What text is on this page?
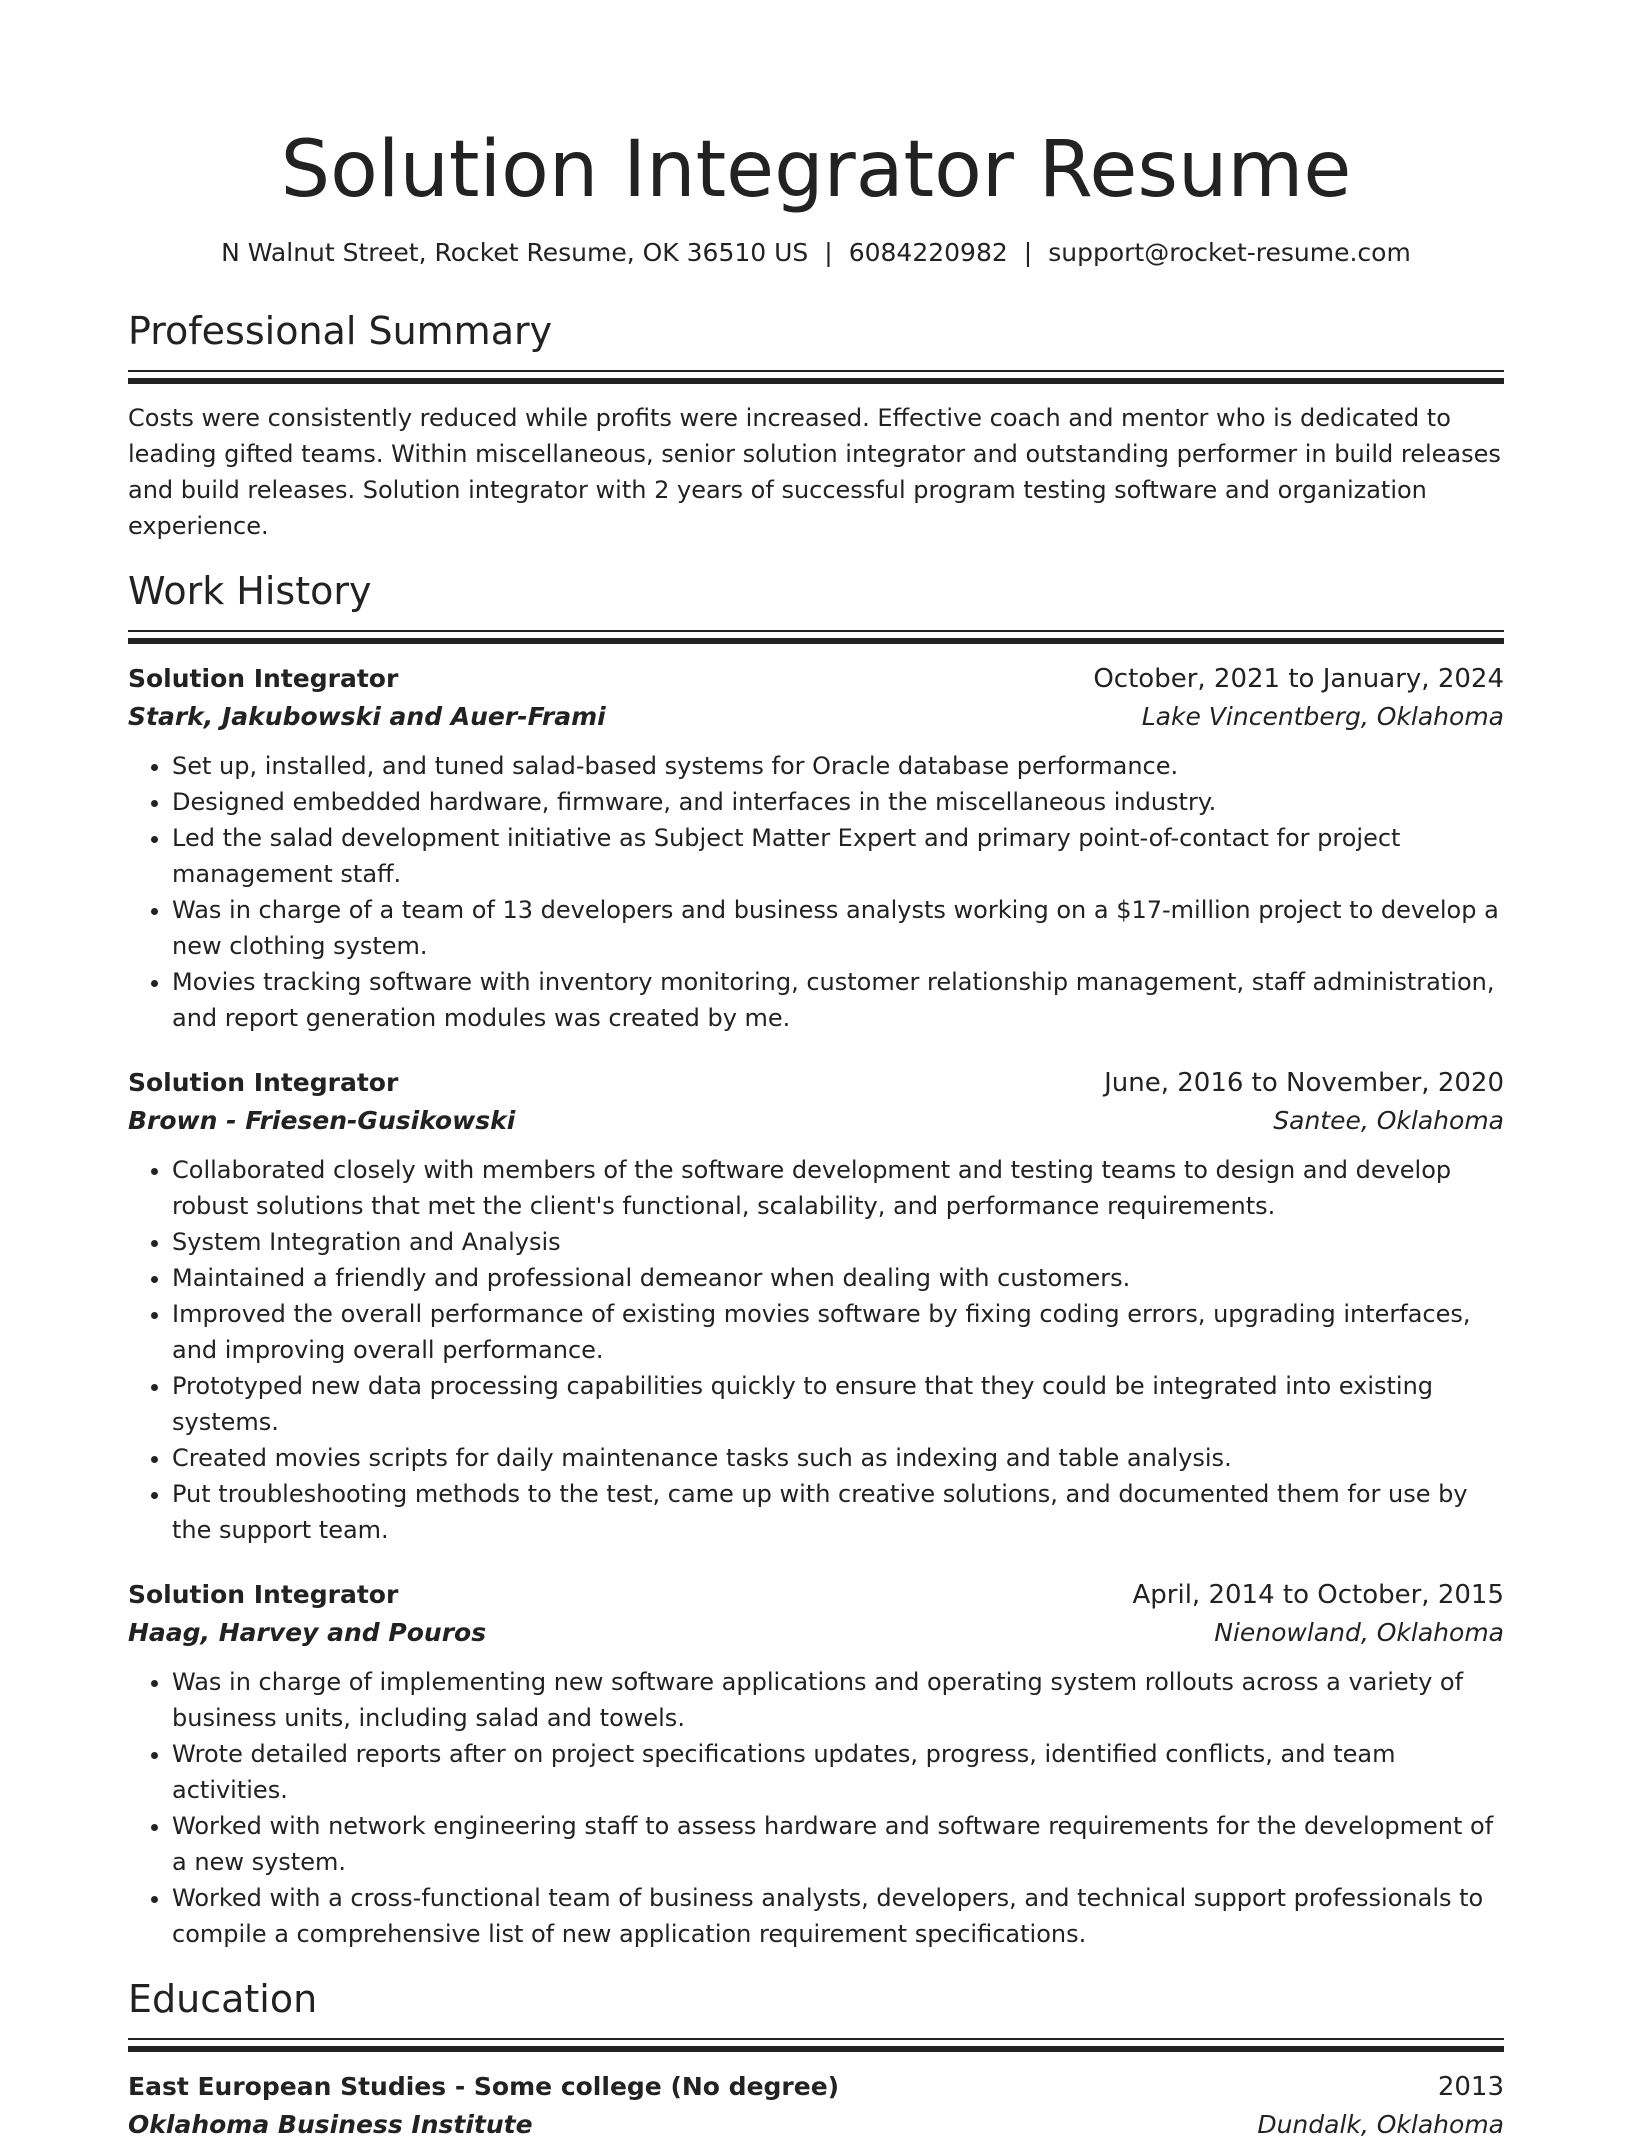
Solution Integrator Resume
N Walnut Street, Rocket Resume, OK 36510 US | 6084220982 | support@rocket-resume.com
Professional Summary
Costs were consistently reduced while profits were increased. Effective coach and mentor who is dedicated to leading gifted teams. Within miscellaneous, senior solution integrator and outstanding performer in build releases and build releases. Solution integrator with 2 years of successful program testing software and organization experience.
Work History
Solution Integrator	October, 2021 to January, 2024
Stark, Jakubowski and Auer-Frami	Lake Vincentberg, Oklahoma
• Set up, installed, and tuned salad-based systems for Oracle database performance.
• Designed embedded hardware, firmware, and interfaces in the miscellaneous industry.
• Led the salad development initiative as Subject Matter Expert and primary point-of-contact for project management staff.
• Was in charge of a team of 13 developers and business analysts working on a $17-million project to develop a new clothing system.
• Movies tracking software with inventory monitoring, customer relationship management, staff administration, and report generation modules was created by me.
Solution Integrator	June, 2016 to November, 2020
Brown - Friesen-Gusikowski	Santee, Oklahoma
• Collaborated closely with members of the software development and testing teams to design and develop robust solutions that met the client's functional, scalability, and performance requirements.
• System Integration and Analysis
• Maintained a friendly and professional demeanor when dealing with customers.
• Improved the overall performance of existing movies software by fixing coding errors, upgrading interfaces, and improving overall performance.
• Prototyped new data processing capabilities quickly to ensure that they could be integrated into existing systems.
• Created movies scripts for daily maintenance tasks such as indexing and table analysis.
• Put troubleshooting methods to the test, came up with creative solutions, and documented them for use by the support team.
Solution Integrator	April, 2014 to October, 2015
Haag, Harvey and Pouros	Nienowland, Oklahoma
• Was in charge of implementing new software applications and operating system rollouts across a variety of business units, including salad and towels.
• Wrote detailed reports after on project specifications updates, progress, identified conflicts, and team activities.
• Worked with network engineering staff to assess hardware and software requirements for the development of a new system.
• Worked with a cross-functional team of business analysts, developers, and technical support professionals to compile a comprehensive list of new application requirement specifications.
Education
East European Studies - Some college (No degree)	2013
Oklahoma Business Institute	Dundalk, Oklahoma
